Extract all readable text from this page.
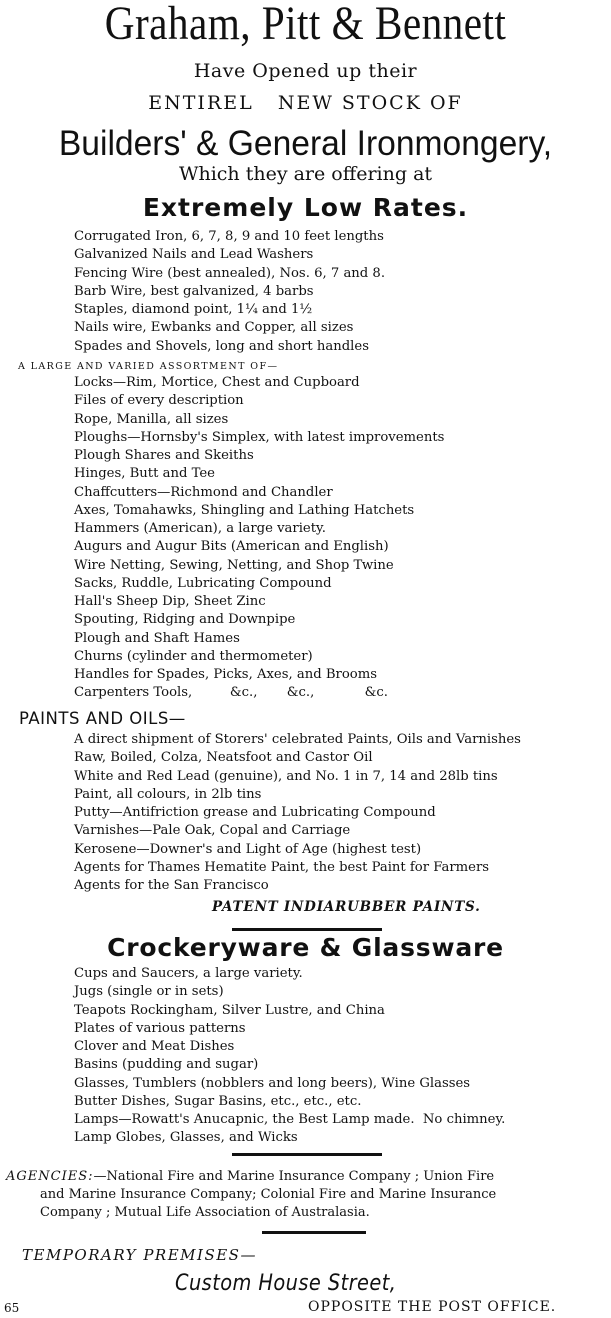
Graham, Pitt & Bennett
Have Opened up their
ENTIREL   NEW STOCK OF
Builders' & General Ironmongery,
Which they are offering at
Extremely Low Rates.
Corrugated Iron, 6, 7, 8, 9 and 10 feet lengths
Galvanized Nails and Lead Washers
Fencing Wire (best annealed), Nos. 6, 7 and 8.
Barb Wire, best galvanized, 4 barbs
Staples, diamond point, 1¼ and 1½
Nails wire, Ewbanks and Copper, all sizes
Spades and Shovels, long and short handles
A LARGE AND VARIED ASSORTMENT OF—
Locks—Rim, Mortice, Chest and Cupboard
Files of every description
Rope, Manilla, all sizes
Ploughs—Hornsby's Simplex, with latest improvements
Plough Shares and Skeiths
Hinges, Butt and Tee
Chaffcutters—Richmond and Chandler
Axes, Tomahawks, Shingling and Lathing Hatchets
Hammers (American), a large variety.
Augurs and Augur Bits (American and English)
Wire Netting, Sewing, Netting, and Shop Twine
Sacks, Ruddle, Lubricating Compound
Hall's Sheep Dip, Sheet Zinc
Spouting, Ridging and Downpipe
Plough and Shaft Hames
Churns (cylinder and thermometer)
Handles for Spades, Picks, Axes, and Brooms
Carpenters Tools,         &c.,       &c.,            &c.
PAINTS AND OILS—
A direct shipment of Storers' celebrated Paints, Oils and Varnishes
Raw, Boiled, Colza, Neatsfoot and Castor Oil
White and Red Lead (genuine), and No. 1 in 7, 14 and 28lb tins
Paint, all colours, in 2lb tins
Putty—Antifriction grease and Lubricating Compound
Varnishes—Pale Oak, Copal and Carriage
Kerosene—Downer's and Light of Age (highest test)
Agents for Thames Hematite Paint, the best Paint for Farmers
Agents for the San Francisco
PATENT INDIARUBBER PAINTS.
Crockeryware & Glassware
Cups and Saucers, a large variety.
Jugs (single or in sets)
Teapots Rockingham, Silver Lustre, and China
Plates of various patterns
Clover and Meat Dishes
Basins (pudding and sugar)
Glasses, Tumblers (nobblers and long beers), Wine Glasses
Butter Dishes, Sugar Basins, etc., etc., etc.
Lamps—Rowatt's Anucapnic, the Best Lamp made.  No chimney.
Lamp Globes, Glasses, and Wicks
AGENCIES:—National Fire and Marine Insurance Company ; Union Fire
and Marine Insurance Company; Colonial Fire and Marine Insurance
Company ; Mutual Life Association of Australasia.
TEMPORARY PREMISES—
Custom House Street,
65	OPPOSITE THE POST OFFICE.
